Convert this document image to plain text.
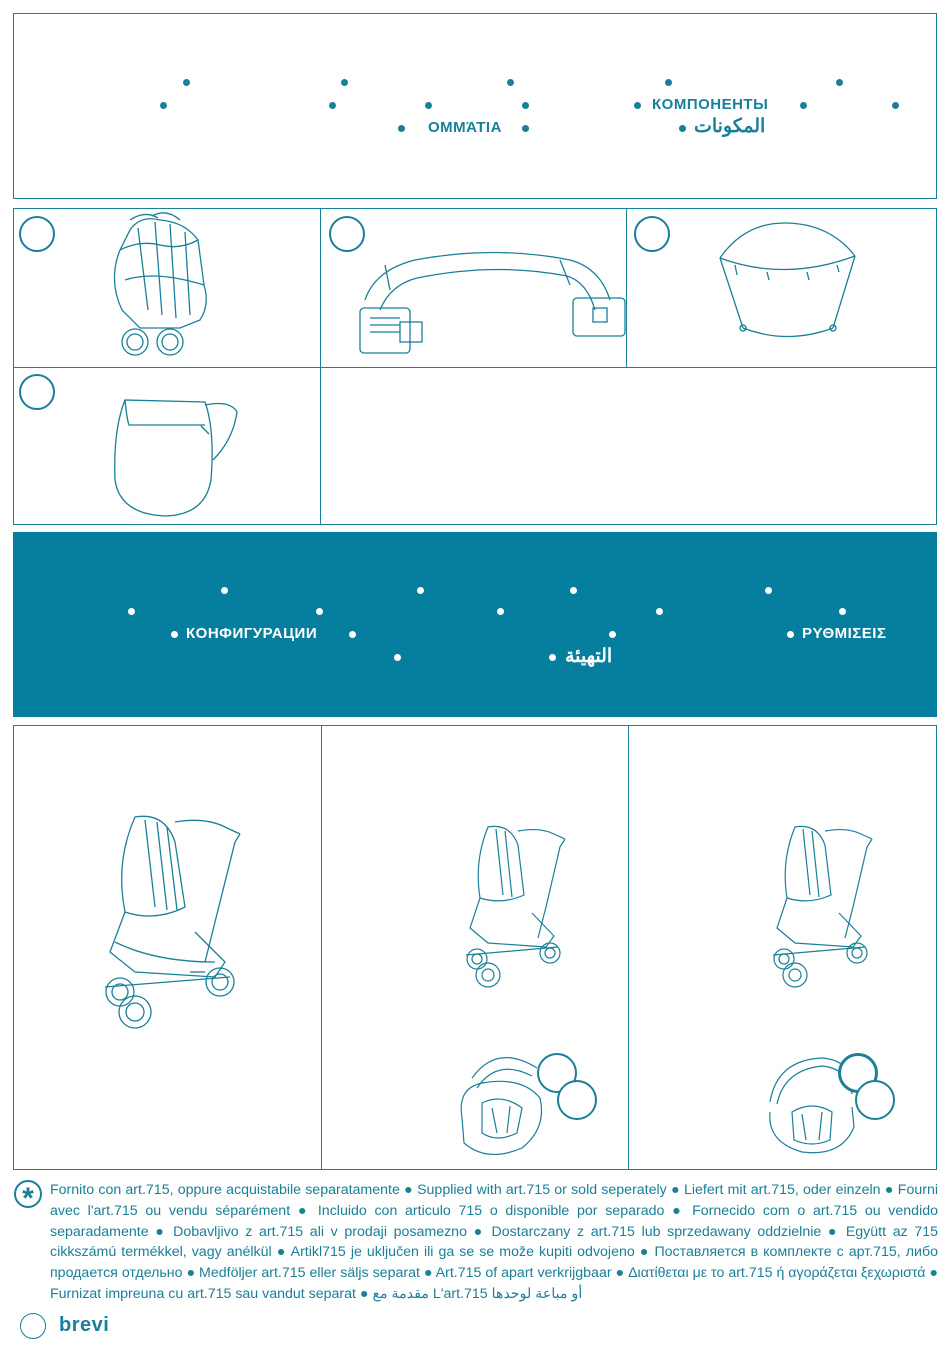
КОМПОНЕНТЫ
ΟΜΜΆΤΙΑ	المكونات
КОНФИГУРАЦИИ	ΡΥΘΜΙΣΕΙΣ
التهيئة
*	Fornito con art.715, oppure acquistabile separatamente ● Supplied with art.715 or sold seperately ● Liefert mit art.715, oder einzeln ● Fourni avec l'art.715 ou vendu séparément ● Incluido con articulo 715 o disponible por separado ● Fornecido com o art.715 ou vendido separadamente ● Dobavljivo z art.715 ali v prodaji posamezno ● Dostarczany z art.715 lub sprzedawany oddzielnie ● Együtt az 715 cikkszámú termékkel, vagy anélkül ● Artikl715 je uključen ili ga se se može kupiti odvojeno ● Поставляется в комплекте с арт.715, либо продается отдельно ● Medföljer art.715 eller säljs separat ● Art.715 of apart verkrijgbaar ● Διατίθεται με το art.715 ή αγοράζεται ξεχωριστά ● Furnizat impreuna cu art.715 sau vandut separat ● مقدمة مع L'art.715 أو مباعة لوحدها
brevi
